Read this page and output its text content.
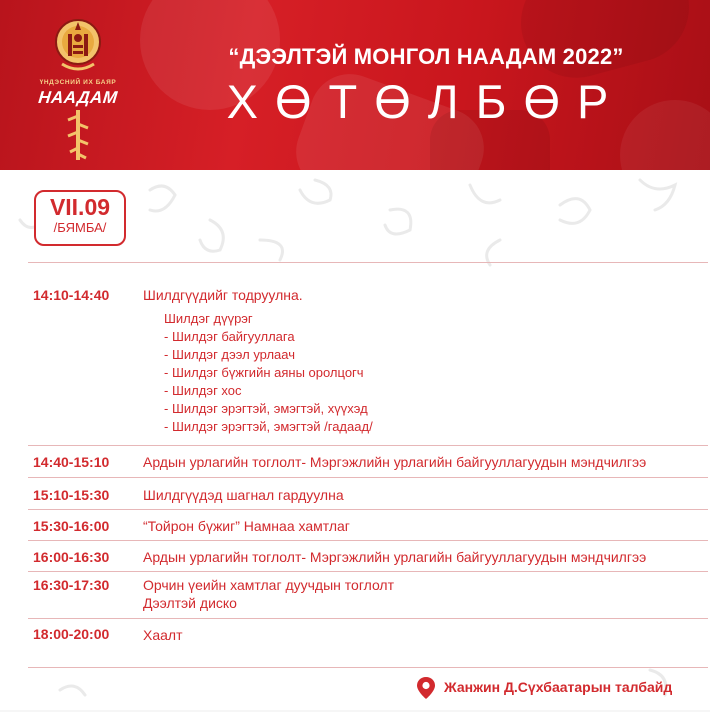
ҮНДЭСНИЙ ИХ БАЯР
НААДАМ
“ДЭЭЛТЭЙ МОНГОЛ НААДАМ 2022”
ХӨТӨЛБӨР
VII.09
/БЯМБА/
14:10-14:40 Шилдгүүдийг тодруулна.
Шилдэг дүүрэг
- Шилдэг байгууллага
- Шилдэг дээл урлаач
- Шилдэг бүжгийн аяны оролцогч
- Шилдэг хос
- Шилдэг эрэгтэй, эмэгтэй, хүүхэд
- Шилдэг эрэгтэй, эмэгтэй /гадаад/
14:40-15:10 Ардын урлагийн тоглолт- Мэргэжлийн урлагийн байгууллагуудын мэндчилгээ
15:10-15:30 Шилдгүүдэд шагнал гардуулна
15:30-16:00 “Тойрон бүжиг” Намнаа хамтлаг
16:00-16:30 Ардын урлагийн тоглолт- Мэргэжлийн урлагийн байгууллагуудын мэндчилгээ
16:30-17:30 Орчин үеийн хамтлаг дуучдын тоглолт
Дээлтэй диско
18:00-20:00 Хаалт
Жанжин Д.Сүхбаатарын талбайд
